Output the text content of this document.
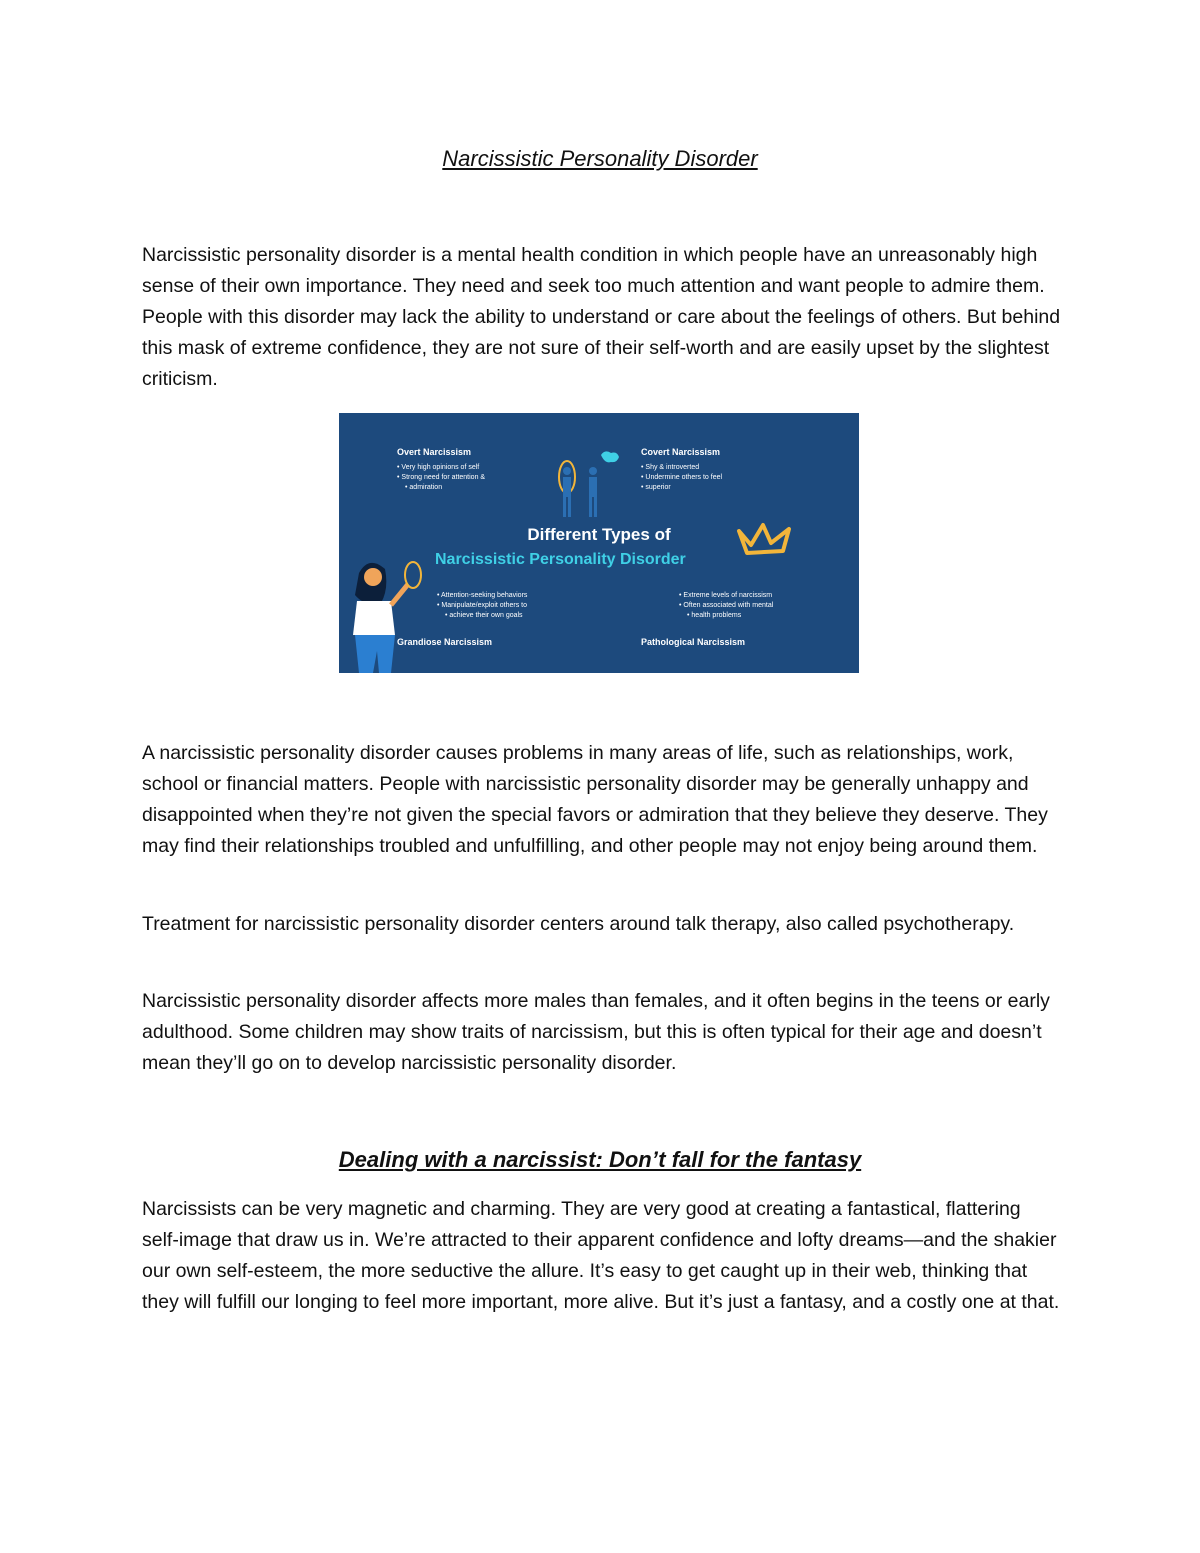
Narcissistic Personality Disorder

Narcissistic personality disorder is a mental health condition in which people have an unreasonably high sense of their own importance. They need and seek too much attention and want people to admire them. People with this disorder may lack the ability to understand or care about the feelings of others. But behind this mask of extreme confidence, they are not sure of their self-worth and are easily upset by the slightest criticism.

Overt Narcissism
• Very high opinions of self
• Strong need for attention &
• admiration
Covert Narcissism
• Shy & introverted
• Undermine others to feel
• superior
Different Types of
Narcissistic Personality Disorder
• Attention-seeking behaviors
• Manipulate/exploit others to
• achieve their own goals
Grandiose Narcissism
• Extreme levels of narcissism
• Often associated with mental
• health problems
Pathological Narcissism

A narcissistic personality disorder causes problems in many areas of life, such as relationships, work, school or financial matters. People with narcissistic personality disorder may be generally unhappy and disappointed when they’re not given the special favors or admiration that they believe they deserve. They may find their relationships troubled and unfulfilling, and other people may not enjoy being around them.

Treatment for narcissistic personality disorder centers around talk therapy, also called psychotherapy.

Narcissistic personality disorder affects more males than females, and it often begins in the teens or early adulthood. Some children may show traits of narcissism, but this is often typical for their age and doesn’t mean they’ll go on to develop narcissistic personality disorder.

Dealing with a narcissist: Don’t fall for the fantasy

Narcissists can be very magnetic and charming. They are very good at creating a fantastical, flattering self-image that draw us in. We’re attracted to their apparent confidence and lofty dreams—and the shakier our own self-esteem, the more seductive the allure. It’s easy to get caught up in their web, thinking that they will fulfill our longing to feel more important, more alive. But it’s just a fantasy, and a costly one at that.
